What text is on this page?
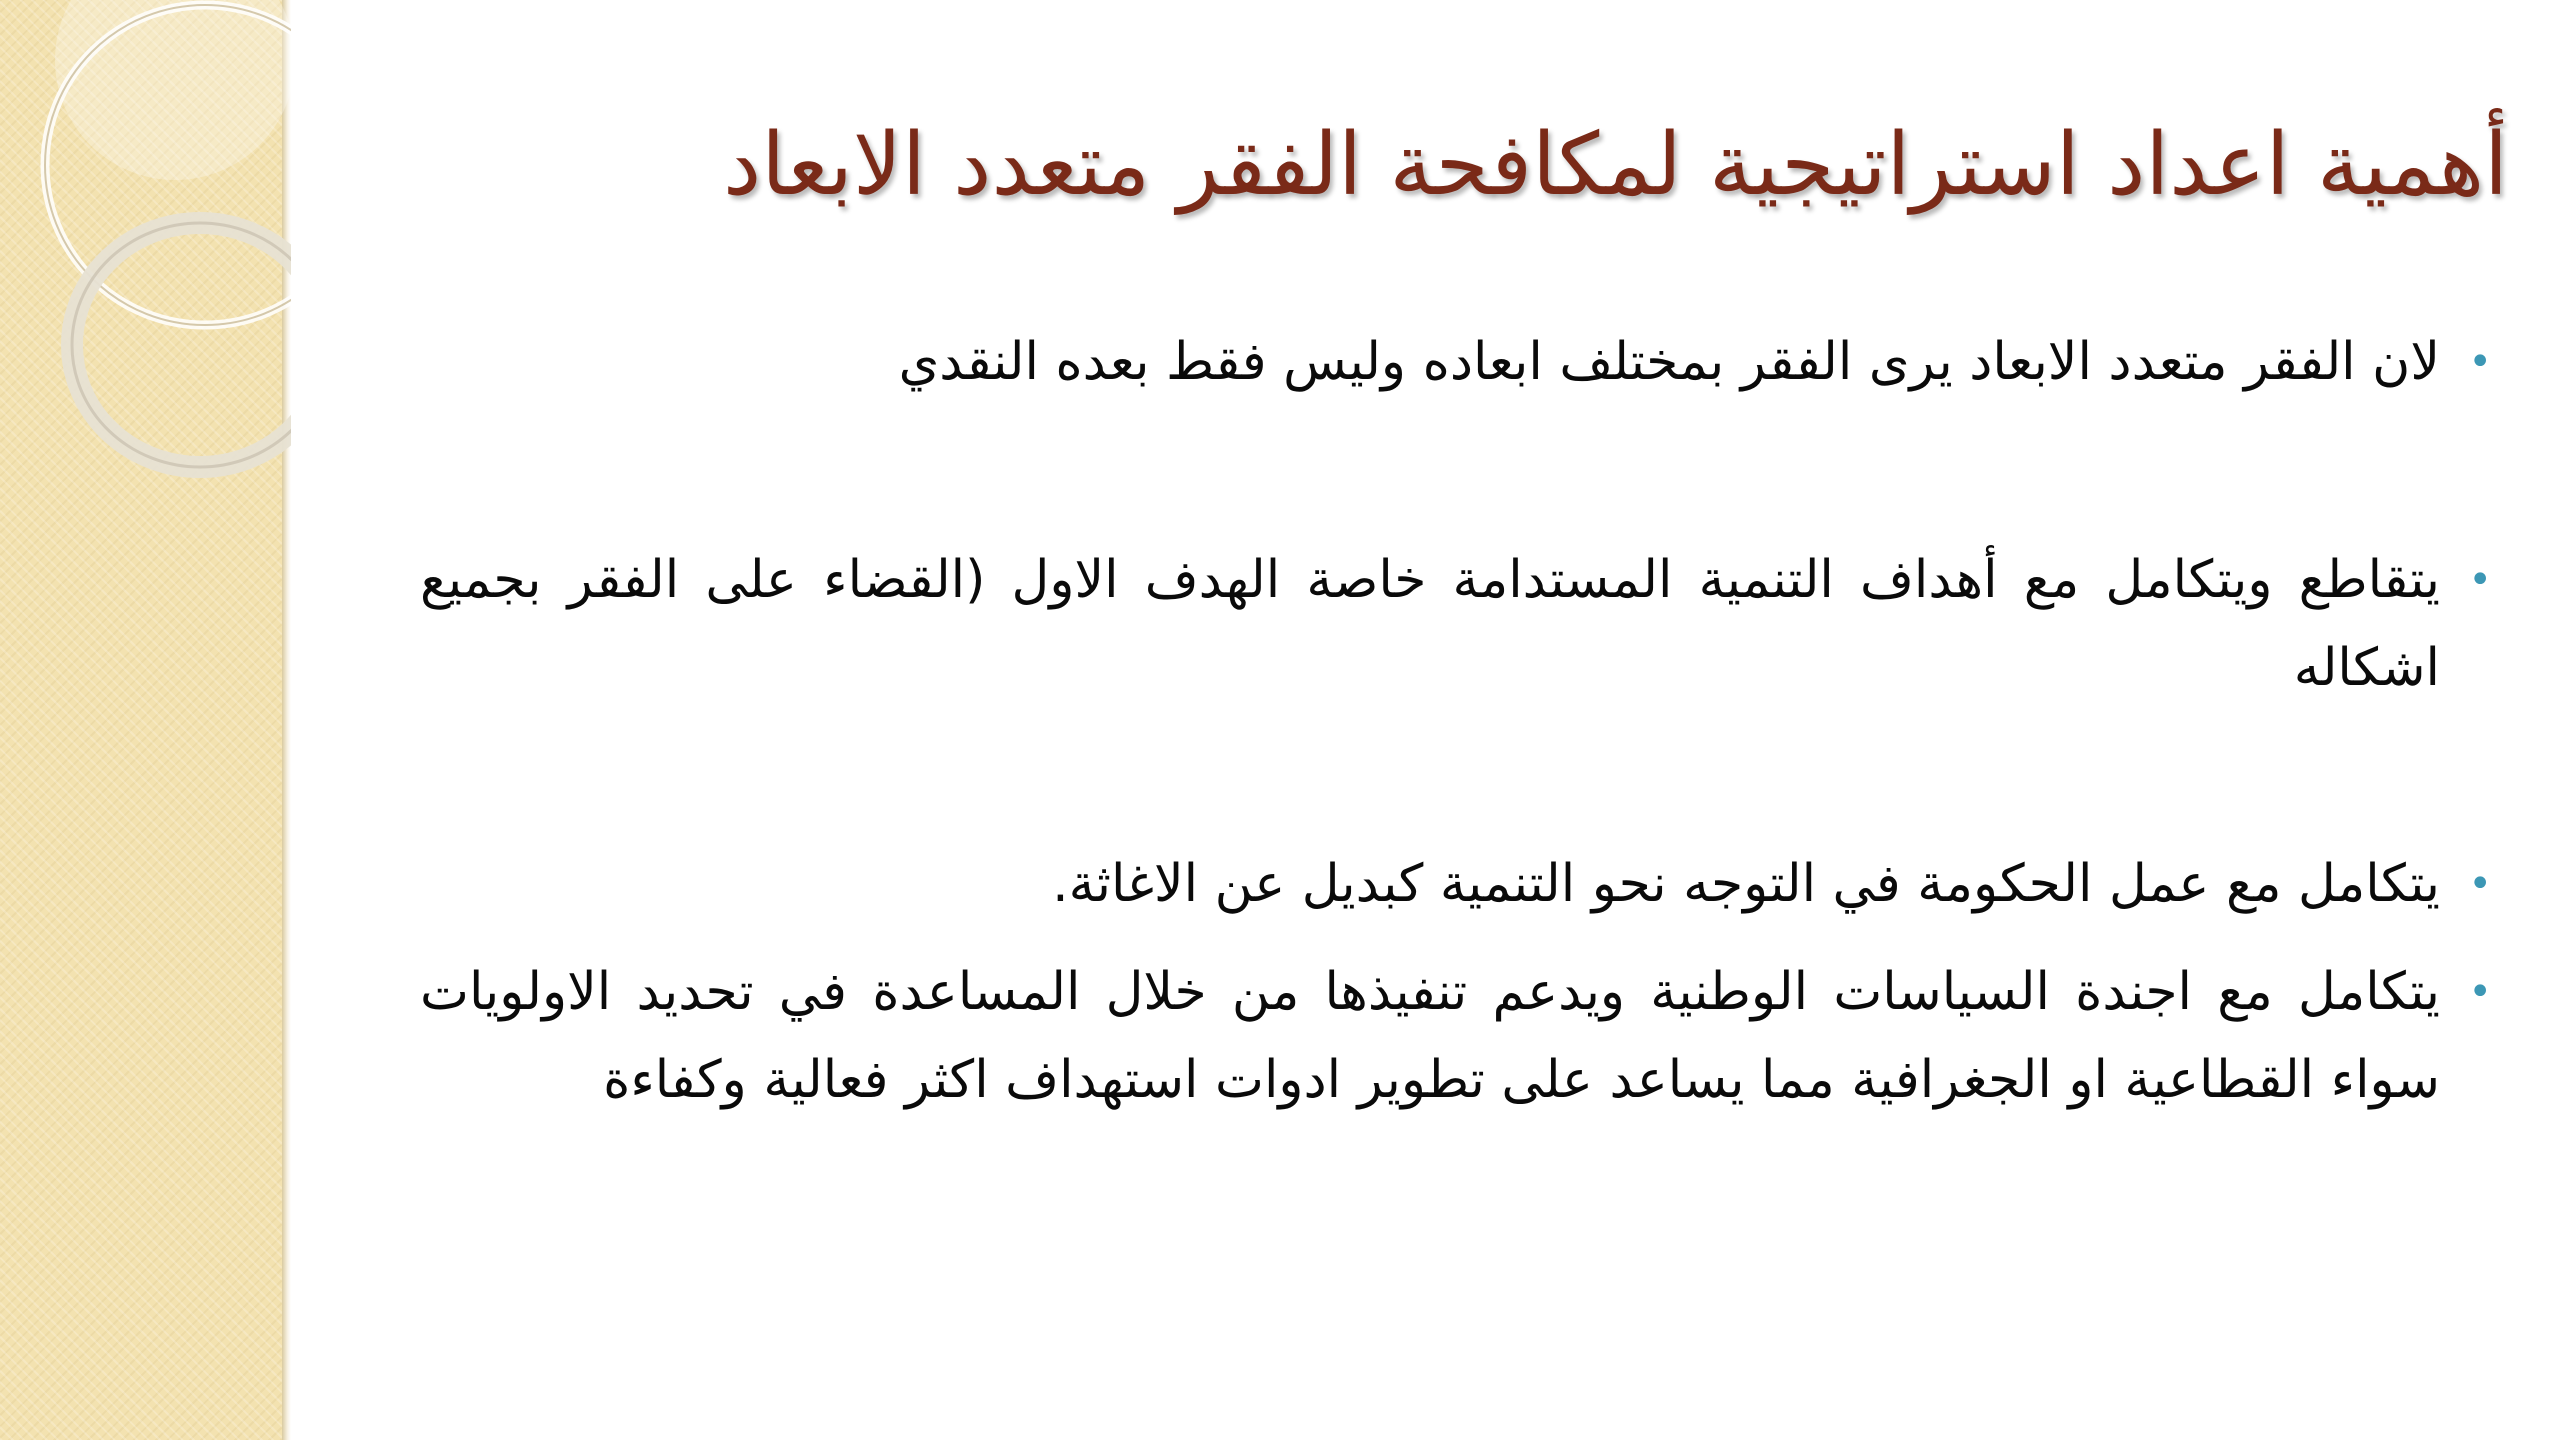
أهمية اعداد استراتيجية لمكافحة الفقر متعدد الابعاد
•
لان الفقر متعدد الابعاد يرى الفقر بمختلف ابعاده وليس فقط بعده النقدي
•
يتقاطع ويتكامل مع أهداف التنمية المستدامة خاصة الهدف الاول (القضاء على الفقر بجميع اشكاله
•
يتكامل مع عمل الحكومة في التوجه نحو التنمية كبديل عن الاغاثة.
•
يتكامل مع اجندة السياسات الوطنية ويدعم تنفيذها من خلال المساعدة في تحديد الاولويات سواء القطاعية او الجغرافية مما يساعد على تطوير ادوات استهداف اكثر فعالية وكفاءة
